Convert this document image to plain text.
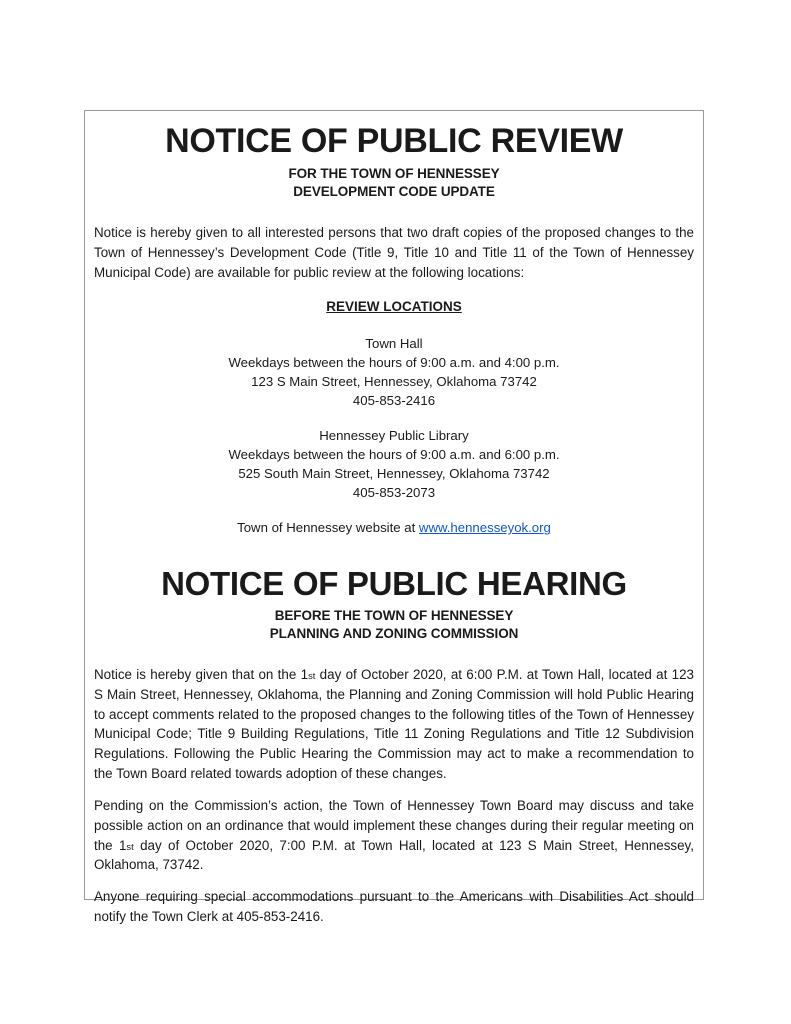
NOTICE OF PUBLIC REVIEW
FOR THE TOWN OF HENNESSEY
DEVELOPMENT CODE UPDATE

Notice is hereby given to all interested persons that two draft copies of the proposed changes to the Town of Hennessey’s Development Code (Title 9, Title 10 and Title 11 of the Town of Hennessey Municipal Code) are available for public review at the following locations:

REVIEW LOCATIONS
Town Hall
Weekdays between the hours of 9:00 a.m. and 4:00 p.m.
123 S Main Street, Hennessey, Oklahoma 73742
405-853-2416
Hennessey Public Library
Weekdays between the hours of 9:00 a.m. and 6:00 p.m.
525 South Main Street, Hennessey, Oklahoma 73742
405-853-2073
Town of Hennessey website at www.hennesseyok.org
NOTICE OF PUBLIC HEARING
BEFORE THE TOWN OF HENNESSEY
PLANNING AND ZONING COMMISSION

Notice is hereby given that on the 1st day of October 2020, at 6:00 P.M. at Town Hall, located at 123 S Main Street, Hennessey, Oklahoma, the Planning and Zoning Commission will hold Public Hearing to accept comments related to the proposed changes to the following titles of the Town of Hennessey Municipal Code; Title 9 Building Regulations, Title 11 Zoning Regulations and Title 12 Subdivision Regulations. Following the Public Hearing the Commission may act to make a recommendation to the Town Board related towards adoption of these changes.

Pending on the Commission’s action, the Town of Hennessey Town Board may discuss and take possible action on an ordinance that would implement these changes during their regular meeting on the 1st day of October 2020, 7:00 P.M. at Town Hall, located at 123 S Main Street, Hennessey, Oklahoma, 73742.

Anyone requiring special accommodations pursuant to the Americans with Disabilities Act should notify the Town Clerk at 405-853-2416.
